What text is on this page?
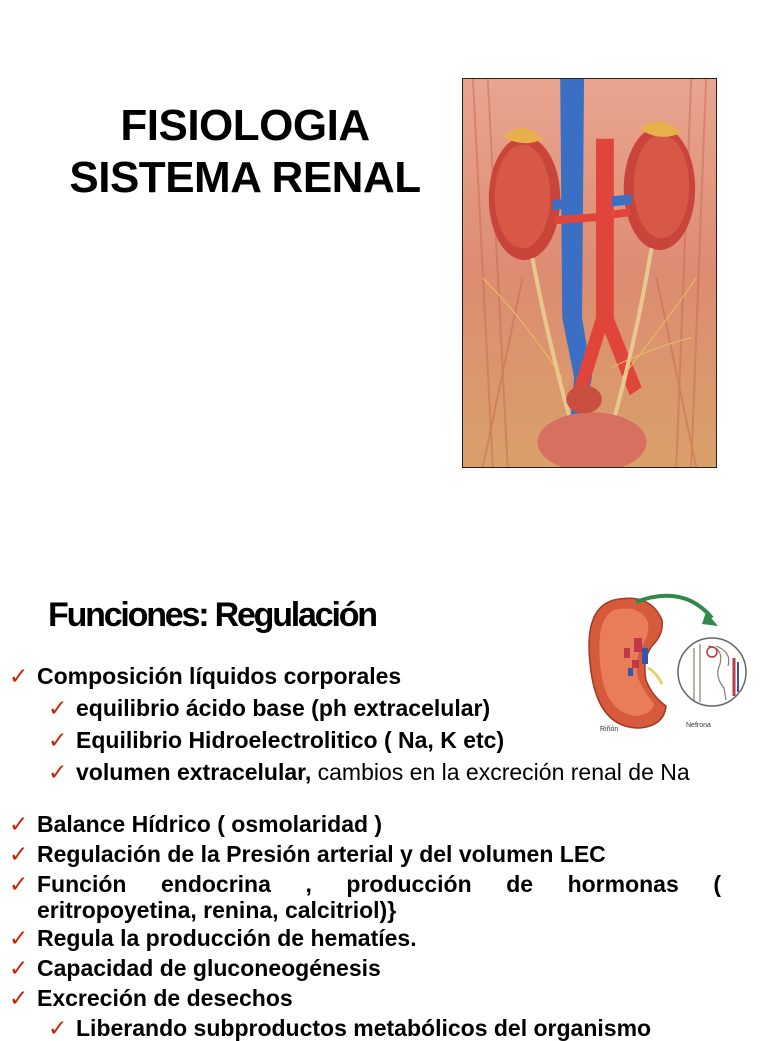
FISIOLOGIA
SISTEMA RENAL
Funciones: Regulación
Riñón
Nefrona
✓ Composición líquidos corporales
✓ equilibrio ácido base (ph extracelular)
✓ Equilibrio Hidroelectrolitico ( Na, K etc)
✓ volumen extracelular, cambios en la excreción renal de Na
✓ Balance Hídrico ( osmolaridad )
✓ Regulación de la Presión arterial y del volumen LEC
✓ Función endocrina , producción de hormonas (
eritropoyetina, renina, calcitriol)}
✓ Regula la producción de hematíes.
✓ Capacidad de gluconeogénesis
✓ Excreción de desechos
✓ Liberando subproductos metabólicos del organismo
